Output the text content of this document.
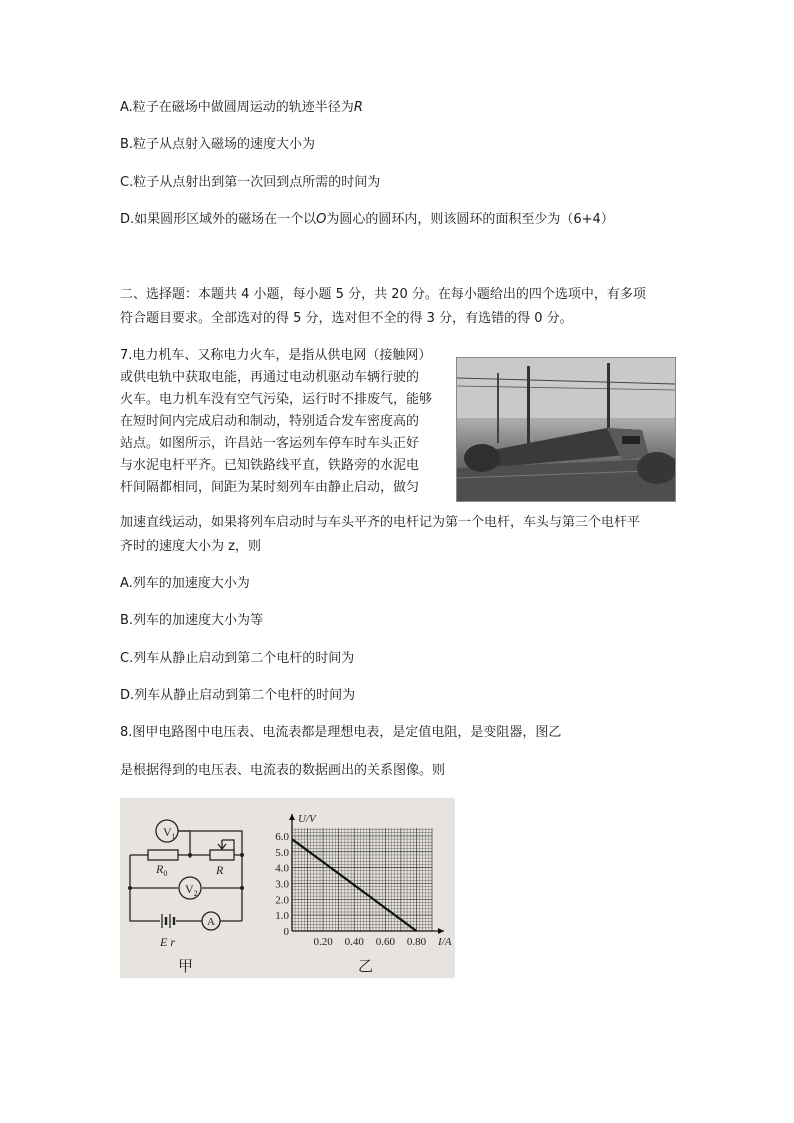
A.粒子在磁场中做圆周运动的轨迹半径为R
B.粒子从点射入磁场的速度大小为
C.粒子从点射出到第一次回到点所需的时间为
D.如果圆形区域外的磁场在一个以O为圆心的圆环内，则该圆环的面积至少为（6+4）
二、选择题：本题共 4 小题，每小题 5 分，共 20 分。在每小题给出的四个选项中，有多项
符合题目要求。全部选对的得 5 分，选对但不全的得 3 分，有选错的得 0 分。
7.电力机车、又称电力火车，是指从供电网（接触网）
或供电轨中获取电能，再通过电动机驱动车辆行驶的
火车。电力机车没有空气污染，运行时不排废气，能够
在短时间内完成启动和制动，特别适合发车密度高的
站点。如图所示，许昌站一客运列车停车时车头正好
与水泥电杆平齐。已知铁路线平直，铁路旁的水泥电
杆间隔都相同，间距为某时刻列车由静止启动，做匀
加速直线运动，如果将列车启动时与车头平齐的电杆记为第一个电杆，车头与第三个电杆平
齐时的速度大小为 z，则
A.列车的加速度大小为
B.列车的加速度大小为等
C.列车从静止启动到第二个电杆的时间为
D.列车从静止启动到第二个电杆的时间为
8.图甲电路图中电压表、电流表都是理想电表，是定值电阻，是变阻器，图乙
是根据得到的电压表、电流表的数据画出的关系图像。则
$V_1$
$V_2$
A
$R_0$	R
E r
甲
6.0
5.0
4.0
3.0
2.0
1.0
0
0.20 0.40 0.60 0.80
U/V
I/A
乙
